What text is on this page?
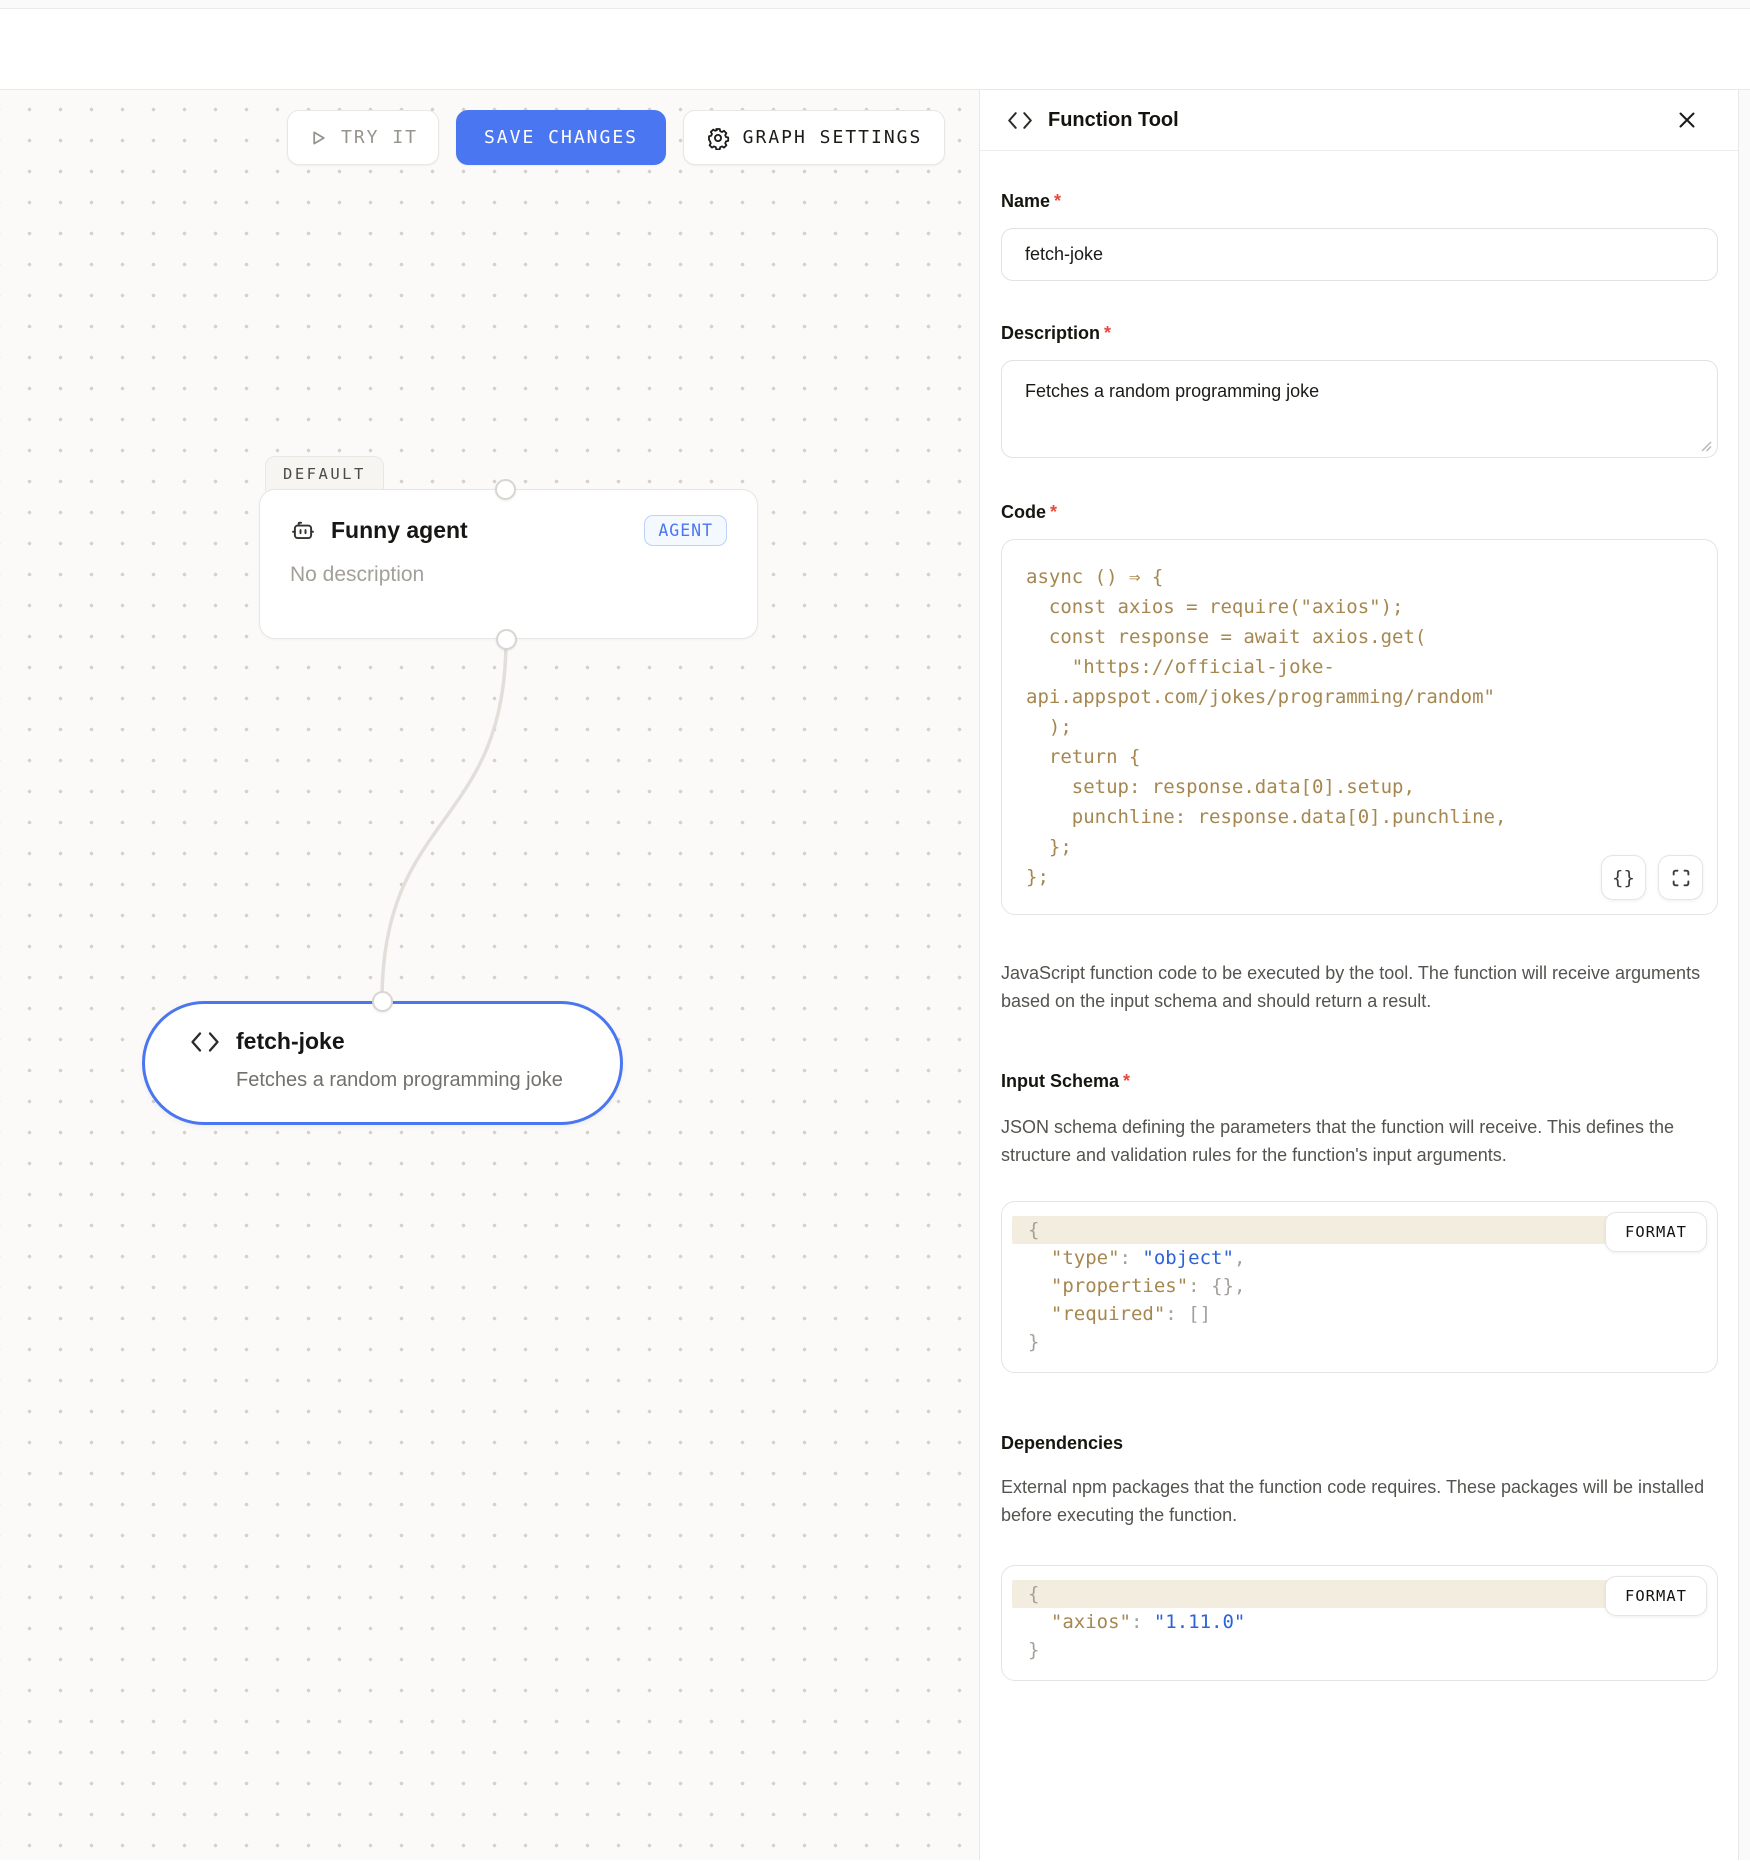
TRY IT	SAVE CHANGES	GRAPH SETTINGS
DEFAULT
Funny agent	AGENT
No description
fetch-joke
Fetches a random programming joke
Function Tool
Name *
fetch-joke
Description *
Fetches a random programming joke
Code *
async () ⇒ {
const axios = require("axios");
const response = await axios.get(
"https://official-joke-
api.appspot.com/jokes/programming/random"
);
return {
setup: response.data[0].setup,
punchline: response.data[0].punchline,
};
};	{}

JavaScript function code to be executed by the tool. The function will receive arguments based on the input schema and should return a result.

Input Schema *

JSON schema defining the parameters that the function will receive. This defines the structure and validation rules for the function's input arguments.

FORMAT
{
"type": "object",
"properties": {},
"required": []
}
Dependencies

External npm packages that the function code requires. These packages will be installed before executing the function.

FORMAT
{
"axios": "1.11.0"
}
